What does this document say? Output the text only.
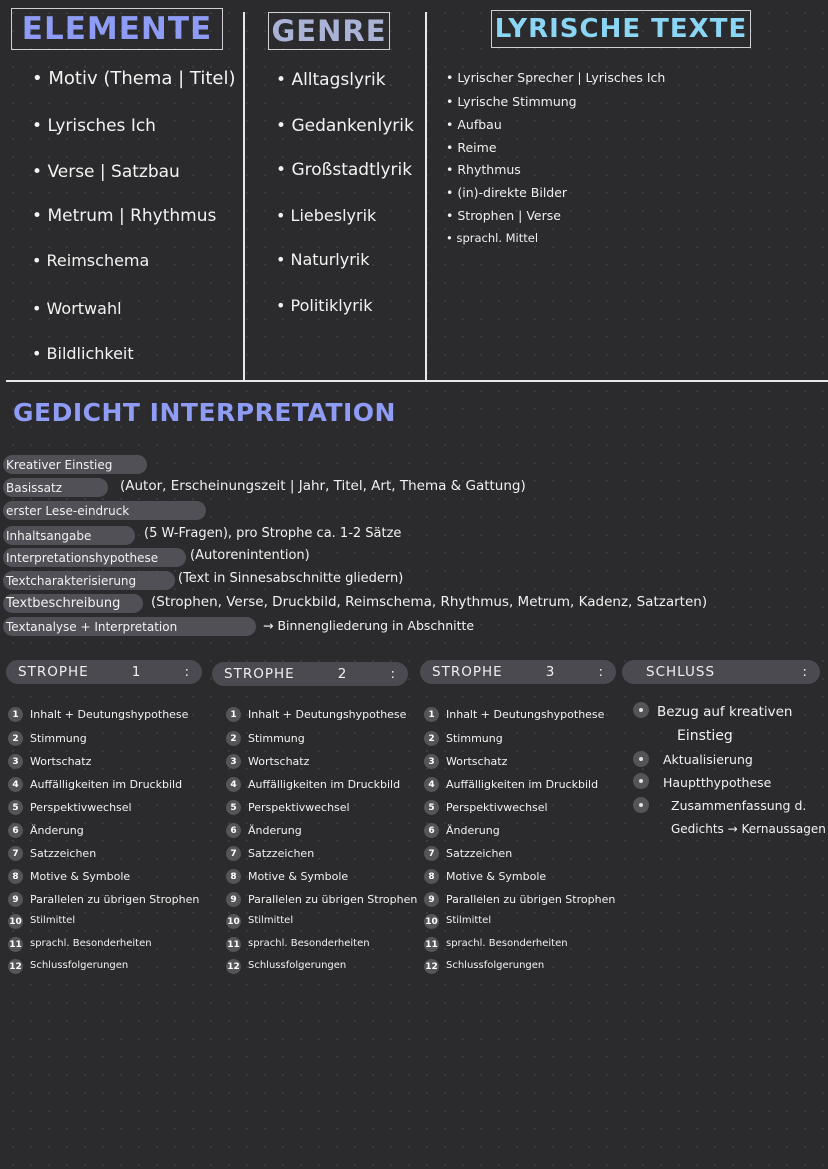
ELEMENTE	GENRE	LYRISCHE TEXTE
• Motiv (Thema | Titel)
• Lyrisches Ich
• Verse | Satzbau
• Metrum | Rhythmus
• Reimschema
• Wortwahl
• Bildlichkeit
• Alltagslyrik
• Gedankenlyrik
• Großstadtlyrik
• Liebeslyrik
• Naturlyrik
• Politiklyrik
• Lyrischer Sprecher | Lyrisches Ich
• Lyrische Stimmung
• Aufbau
• Reime
• Rhythmus
• (in)-direkte Bilder
• Strophen | Verse
• sprachl. Mittel
GEDICHT INTERPRETATION
Kreativer Einstieg
Basissatz	(Autor, Erscheinungszeit | Jahr, Titel, Art, Thema & Gattung)
erster Lese-eindruck
Inhaltsangabe	(5 W-Fragen), pro Strophe ca. 1-2 Sätze
Interpretationshypothese (Autorenintention)
Textcharakterisierung	(Text in Sinnesabschnitte gliedern)
Textbeschreibung (Strophen, Verse, Druckbild, Reimschema, Rhythmus, Metrum, Kadenz, Satzarten)
Textanalyse + Interpretation	→ Binnengliederung in Abschnitte
STROPHE	1	:	STROPHE	2	:	STROPHE	3	:	SCHLUSS	:
1	Inhalt + Deutungshypothese
2	Stimmung
3	Wortschatz
4	Auffälligkeiten im Druckbild
5	Perspektivwechsel
6	Änderung
7	Satzzeichen
8	Motive & Symbole
9	Parallelen zu übrigen Strophen
10 Stilmittel
11 sprachl. Besonderheiten
12 Schlussfolgerungen
1	Inhalt + Deutungshypothese
2	Stimmung
3	Wortschatz
4	Auffälligkeiten im Druckbild
5	Perspektivwechsel
6	Änderung
7	Satzzeichen
8	Motive & Symbole
9	Parallelen zu übrigen Strophen
10 Stilmittel
11 sprachl. Besonderheiten
12 Schlussfolgerungen
1	Inhalt + Deutungshypothese
2	Stimmung
3	Wortschatz
4	Auffälligkeiten im Druckbild
5	Perspektivwechsel
6	Änderung
7	Satzzeichen
8	Motive & Symbole
9	Parallelen zu übrigen Strophen
10 Stilmittel
11 sprachl. Besonderheiten
12 Schlussfolgerungen
Bezug auf kreativen
Einstieg
Aktualisierung
Hauptthypothese
Zusammenfassung d.
Gedichts → Kernaussagen
